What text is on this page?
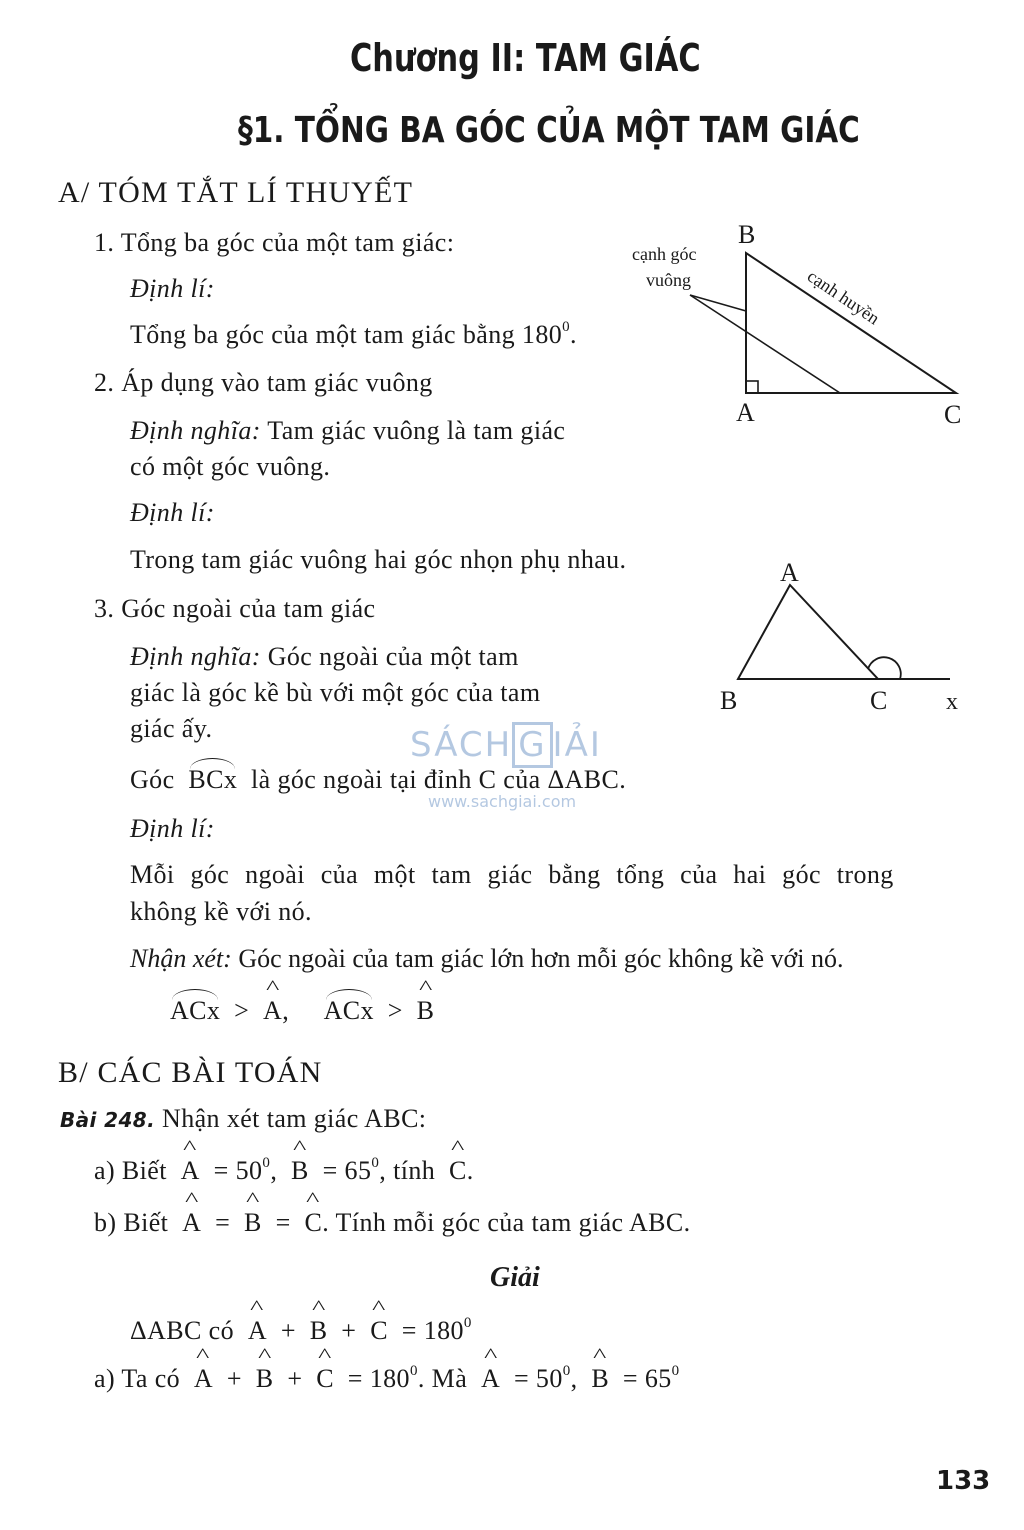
Chương II: TAM GIÁC
§1. TỔNG BA GÓC CỦA MỘT TAM GIÁC
A/ TÓM TẮT LÍ THUYẾT
1. Tổng ba góc của một tam giác:
Định lí:
Tổng ba góc của một tam giác bằng $180^0$.
2. Áp dụng vào tam giác vuông
Định nghĩa: Tam giác vuông là tam giác
có một góc vuông.
Định lí:
Trong tam giác vuông hai góc nhọn phụ nhau.
3. Góc ngoài của tam giác
Định nghĩa: Góc ngoài của một tam
giác là góc kề bù với một góc của tam
giác ấy.
Góc BCx là góc ngoài tại đỉnh C của ΔABC.
Định lí:
Mỗi góc ngoài của một tam giác bằng tổng của hai góc trong
không kề với nó.
Nhận xét: Góc ngoài của tam giác lớn hơn mỗi góc không kề với nó.
ACx > ^ A, ACx > ^ B
B
A	C
cạnh góc
vuông	cạnh huyền
A
B	C x
SÁCH G IẢI
www.sachgiai.com
B/ CÁC BÀI TOÁN
Bài 248. Nhận xét tam giác ABC:
a) Biết ^ $A = 50^0$, ^ $B = 65^0$, tính ^ C.
b) Biết ^ A = ^ B = ^ C. Tính mỗi góc của tam giác ABC.
Giải
ΔABC có ^ A + ^ B + ^ $C = 180^0$
a) Ta có ^ A + ^ B + ^ $C = 180^0$. Mà ^ $A = 50^0$, ^ $B = 65^0$
133
